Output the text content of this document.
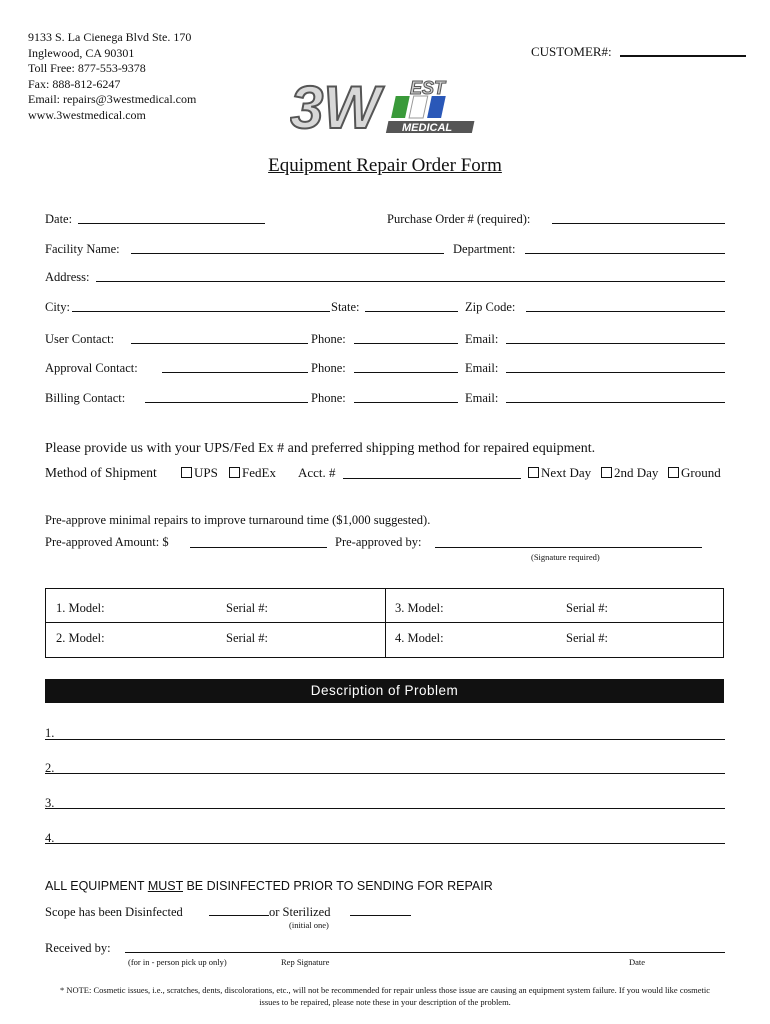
9133 S. La Cienega Blvd Ste. 170
Inglewood, CA 90301
Toll Free: 877-553-9378
Fax: 888-812-6247
Email: repairs@3westmedical.com
www.3westmedical.com
CUSTOMER#:
3W EST
MEDICAL
Equipment Repair Order Form
Date:	Purchase Order # (required):
Facility Name:	Department:
Address:
City:	State:	Zip Code:
User Contact:	Phone:	Email:
Approval Contact:	Phone:	Email:
Billing Contact:	Phone:	Email:
Please provide us with your UPS/Fed Ex # and preferred shipping method for repaired equipment.
Method of Shipment	UPS	FedEx Acct. #	Next Day	2nd Day	Ground
Pre-approve minimal repairs to improve turnaround time ($1,000 suggested).
Pre-approved Amount: $	Pre-approved by:
(Signature required)
1. Model:	Serial #:	3. Model:	Serial #:
2. Model:	Serial #:	4. Model:	Serial #:
Description of Problem
1.
2.
3.
4.
ALL EQUIPMENT MUST BE DISINFECTED PRIOR TO SENDING FOR REPAIR
Scope has been Disinfected	or Sterilized
(initial one)
Received by:
(for in - person pick up only)	Rep Signature	Date
* NOTE: Cosmetic issues, i.e., scratches, dents, discolorations, etc., will not be recommended for repair unless those issue are causing an equipment system failure. If you would like cosmetic issues to be repaired, please note these in your description of the problem.
